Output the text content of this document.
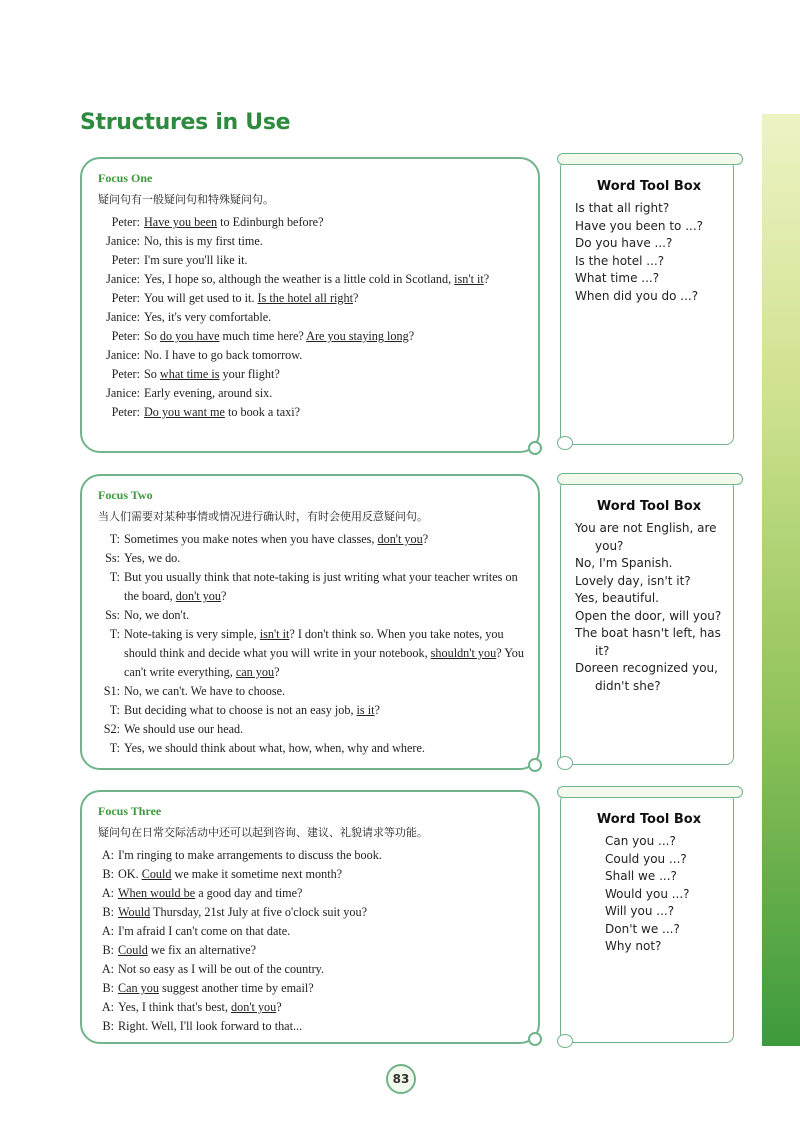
Structures in Use
Focus One
疑问句有一般疑问句和特殊疑问句。
Peter: Have you been to Edinburgh before?
Janice: No, this is my first time.
Peter: I'm sure you'll like it.
Janice: Yes, I hope so, although the weather is a little cold in Scotland, isn't it?
Peter: You will get used to it. Is the hotel all right?
Janice: Yes, it's very comfortable.
Peter: So do you have much time here? Are you staying long?
Janice: No. I have to go back tomorrow.
Peter: So what time is your flight?
Janice: Early evening, around six.
Peter: Do you want me to book a taxi?
Focus Two
当人们需要对某种事情或情况进行确认时，有时会使用反意疑问句。
T: Sometimes you make notes when you have classes, don't you?
Ss: Yes, we do.
T: But you usually think that note-taking is just writing what your teacher writes on the board, don't you?
Ss: No, we don't.
T: Note-taking is very simple, isn't it? I don't think so. When you take notes, you should think and decide what you will write in your notebook, shouldn't you? You can't write everything, can you?
S1: No, we can't. We have to choose.
T: But deciding what to choose is not an easy job, is it?
S2: We should use our head.
T: Yes, we should think about what, how, when, why and where.
Focus Three
疑问句在日常交际活动中还可以起到咨询、建议、礼貌请求等功能。
A: I'm ringing to make arrangements to discuss the book.
B: OK. Could we make it sometime next month?
A: When would be a good day and time?
B: Would Thursday, 21st July at five o'clock suit you?
A: I'm afraid I can't come on that date.
B: Could we fix an alternative?
A: Not so easy as I will be out of the country.
B: Can you suggest another time by email?
A: Yes, I think that's best, don't you?
B: Right. Well, I'll look forward to that...
Word Tool Box
Is that all right?
Have you been to ...?
Do you have ...?
Is the hotel ...?
What time ...?
When did you do ...?
Word Tool Box
You are not English, are you?
No, I'm Spanish.
Lovely day, isn't it?
Yes, beautiful.
Open the door, will you?
The boat hasn't left, has it?
Doreen recognized you, didn't she?
Word Tool Box
Can you ...?
Could you ...?
Shall we ...?
Would you ...?
Will you ...?
Don't we ...?
Why not?
83
